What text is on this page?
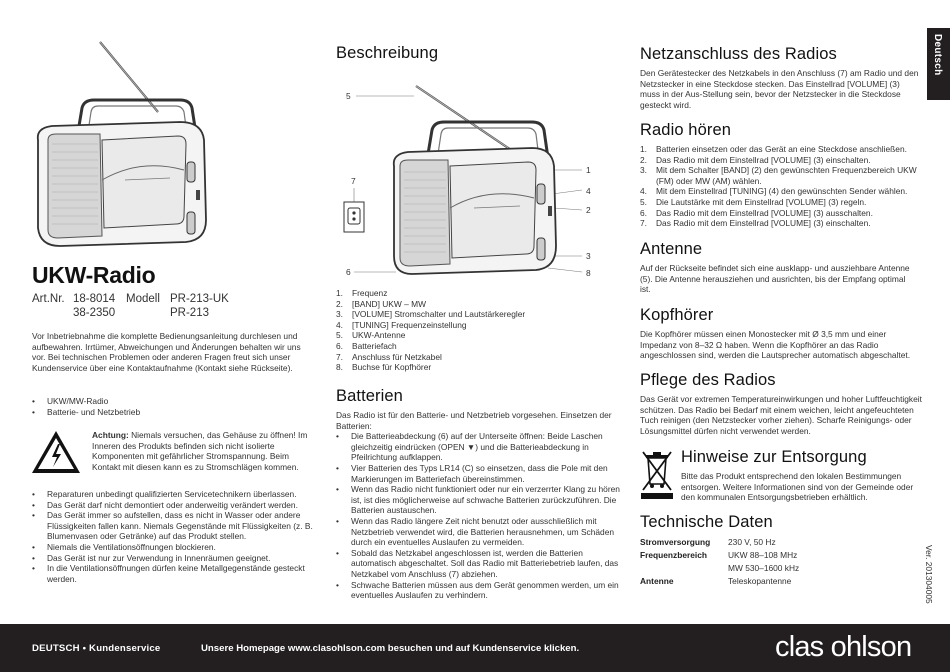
UKW-Radio
Art.Nr. 18-8014
38-2350
Modell PR-213-UK
PR-213

Vor Inbetriebnahme die komplette Bedienungsanleitung durchlesen und aufbewahren. Irrtümer, Abweichungen und Änderungen behalten wir uns vor. Bei technischen Problemen oder anderen Fragen freut sich unser Kundenservice über eine Kontaktaufnahme (Kontakt siehe Rückseite).

•	UKW/MW-Radio
•	Batterie- und Netzbetrieb

Achtung: Niemals versuchen, das Gehäuse zu öffnen! Im Inneren des Produkts befinden sich nicht isolierte Komponenten mit gefährlicher Stromspannung. Beim Kontakt mit diesen kann es zu Stromschlägen kommen.

•	Reparaturen unbedingt qualifizierten Servicetechnikern überlassen.
•	Das Gerät darf nicht demontiert oder anderweitig verändert werden.
•	Das Gerät immer so aufstellen, dass es nicht in Wasser oder andere Flüssigkeiten fallen kann. Niemals Gegenstände mit Flüssigkeiten (z. B. Blumenvasen oder Getränke) auf das Produkt stellen.
•	Niemals die Ventilationsöffnungen blockieren.
•	Das Gerät ist nur zur Verwendung in Innenräumen geeignet.
•	In die Ventilationsöffnungen dürfen keine Metallgegenstände gesteckt werden.
Beschreibung
5
7
6
1
4
2
3
8
1.	Frequenz
2.	[BAND] UKW – MW
3.	[VOLUME] Stromschalter und Lautstärkeregler
4.	[TUNING] Frequenzeinstellung
5.	UKW-Antenne
6.	Batteriefach
7.	Anschluss für Netzkabel
8.	Buchse für Kopfhörer
Batterien

Das Radio ist für den Batterie- und Netzbetrieb vorgesehen. Einsetzen der Batterien:

•	Die Batterieabdeckung (6) auf der Unterseite öffnen: Beide Laschen gleichzeitig eindrücken (OPEN ▼) und die Batterieabdeckung in Pfeilrichtung aufklappen.
•	Vier Batterien des Typs LR14 (C) so einsetzen, dass die Pole mit den Markierungen im Batteriefach übereinstimmen.
•	Wenn das Radio nicht funktioniert oder nur ein verzerrter Klang zu hören ist, ist dies möglicherweise auf schwache Batterien zurückzuführen. Die Batterien austauschen.
•	Wenn das Radio längere Zeit nicht benutzt oder ausschließlich mit Netzbetrieb verwendet wird, die Batterien herausnehmen, um Schäden durch ein eventuelles Auslaufen zu vermeiden.
•	Sobald das Netzkabel angeschlossen ist, werden die Batterien automatisch abgeschaltet. Soll das Radio mit Batteriebetrieb laufen, das Netzkabel vom Anschluss (7) abziehen.
•	Schwache Batterien müssen aus dem Gerät genommen werden, um ein eventuelles Auslaufen zu verhindern.
Deutsch
Netzanschluss des Radios

Den Gerätestecker des Netzkabels in den Anschluss (7) am Radio und den Netzstecker in eine Steckdose stecken. Das Einstellrad [VOLUME] (3) muss in der Aus-Stellung sein, bevor der Netzstecker in die Steckdose gesteckt wird.

Radio hören
1.	Batterien einsetzen oder das Gerät an eine Steckdose anschließen.
2.	Das Radio mit dem Einstellrad [VOLUME] (3) einschalten.
3.	Mit dem Schalter [BAND] (2) den gewünschten Frequenzbereich UKW (FM) oder MW (AM) wählen.
4.	Mit dem Einstellrad [TUNING] (4) den gewünschten Sender wählen.
5.	Die Lautstärke mit dem Einstellrad [VOLUME] (3) regeln.
6.	Das Radio mit dem Einstellrad [VOLUME] (3) ausschalten.
7.	Das Radio mit dem Einstellrad [VOLUME] (3) einschalten.
Antenne

Auf der Rückseite befindet sich eine ausklapp- und ausziehbare Antenne (5). Die Antenne herausziehen und ausrichten, bis der Empfang optimal ist.

Kopfhörer

Die Kopfhörer müssen einen Monostecker mit Ø 3,5 mm und einer Impedanz von 8–32 Ω haben. Wenn die Kopfhörer an das Radio angeschlossen sind, werden die Lautsprecher automatisch abgeschaltet.

Pflege des Radios

Das Gerät vor extremen Temperatureinwirkungen und hoher Luftfeuchtigkeit schützen. Das Radio bei Bedarf mit einem weichen, leicht angefeuchteten Tuch reinigen (den Netzstecker vorher ziehen). Scharfe Reinigungs- oder Lösungsmittel dürfen nicht verwendet werden.

Hinweise zur Entsorgung

Bitte das Produkt entsprechend den lokalen Bestimmungen entsorgen. Weitere Informationen sind von der Gemeinde oder den kommunalen Entsorgungsbetrieben erhältlich.

Technische Daten
Stromversorgung	230 V, 50 Hz
Frequenzbereich	UKW 88–108 MHz
	MW 530–1600 kHz
Antenne	Teleskopantenne	Ver. 201304005
DEUTSCH • Kundenservice	Unsere Homepage www.clasohlson.com besuchen und auf Kundenservice klicken.	clas ohlson
